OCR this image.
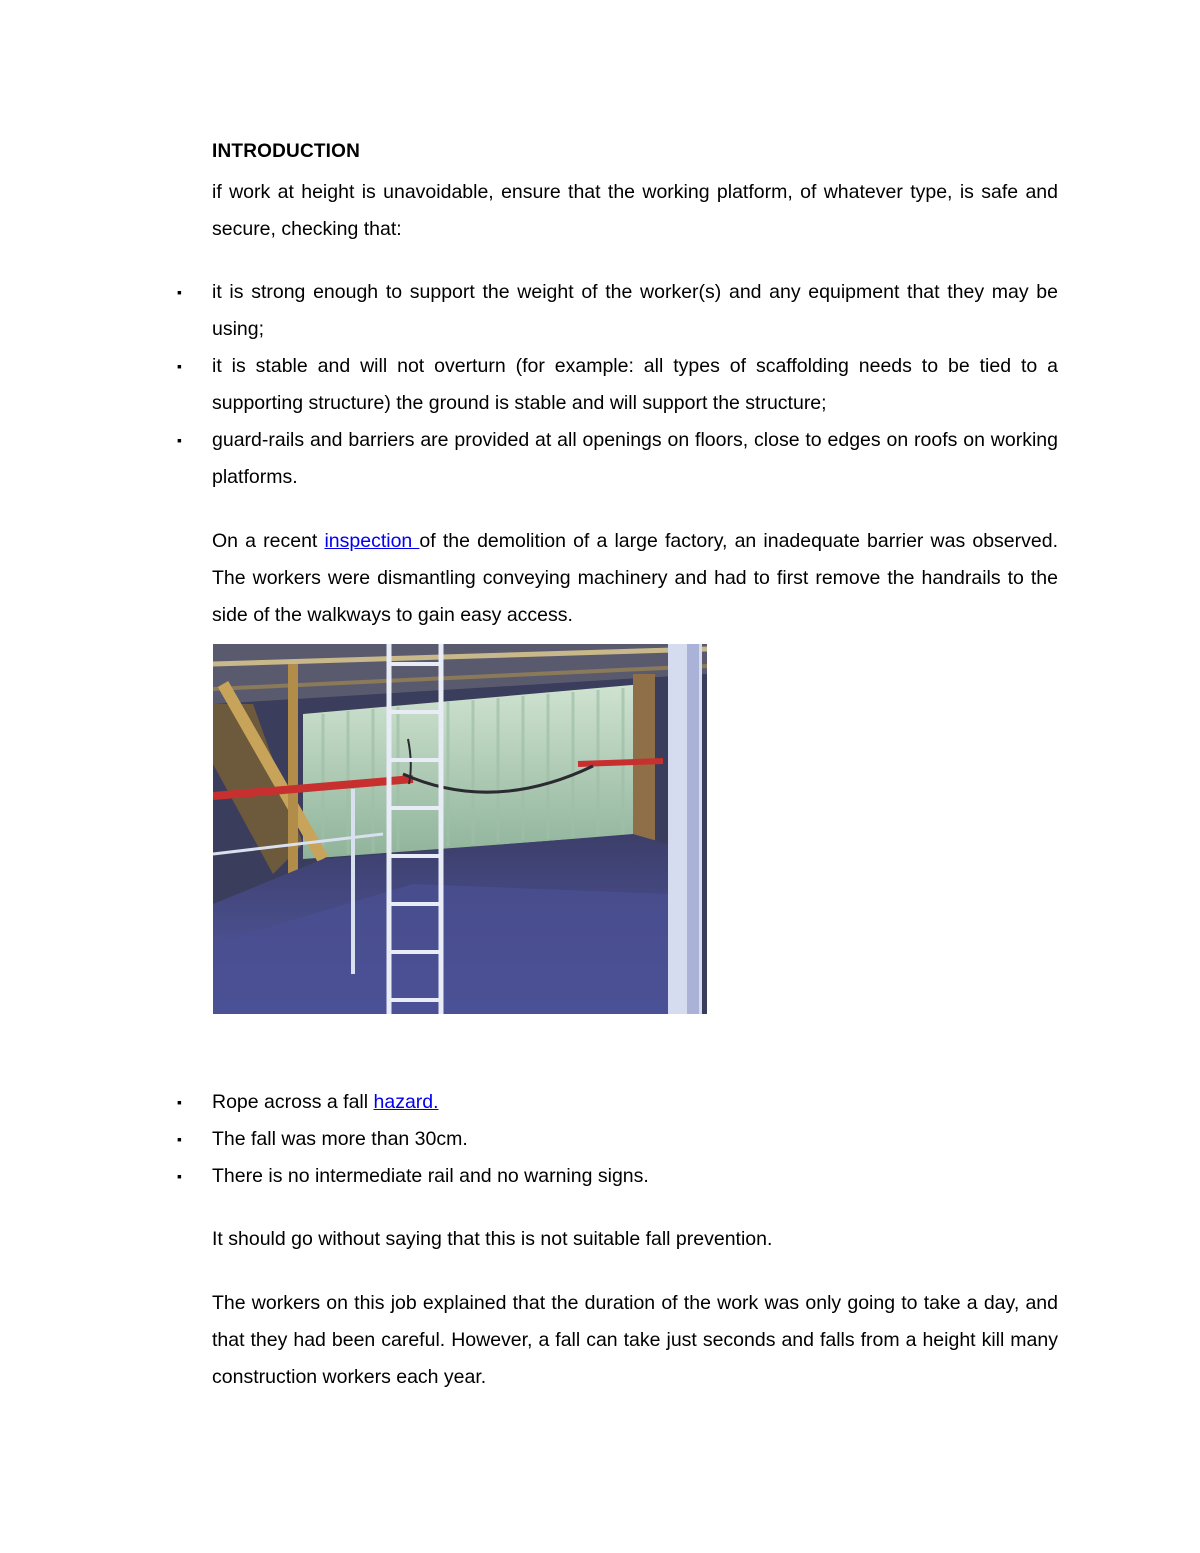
INTRODUCTION

if work at height is unavoidable, ensure that the working platform, of whatever type, is safe and secure, checking that:

▪ it is strong enough to support the weight of the worker(s) and any equipment that they may be using;
▪ it is stable and will not overturn (for example: all types of scaffolding needs to be tied to a supporting structure) the ground is stable and will support the structure;
▪ guard-rails and barriers are provided at all openings on floors, close to edges on roofs on working platforms.

On a recent inspection of the demolition of a large factory, an inadequate barrier was observed. The workers were dismantling conveying machinery and had to first remove the handrails to the side of the walkways to gain easy access.

▪ Rope across a fall hazard.
▪ The fall was more than 30cm.
▪ There is no intermediate rail and no warning signs.

It should go without saying that this is not suitable fall prevention.

The workers on this job explained that the duration of the work was only going to take a day, and that they had been careful. However, a fall can take just seconds and falls from a height kill many construction workers each year.
